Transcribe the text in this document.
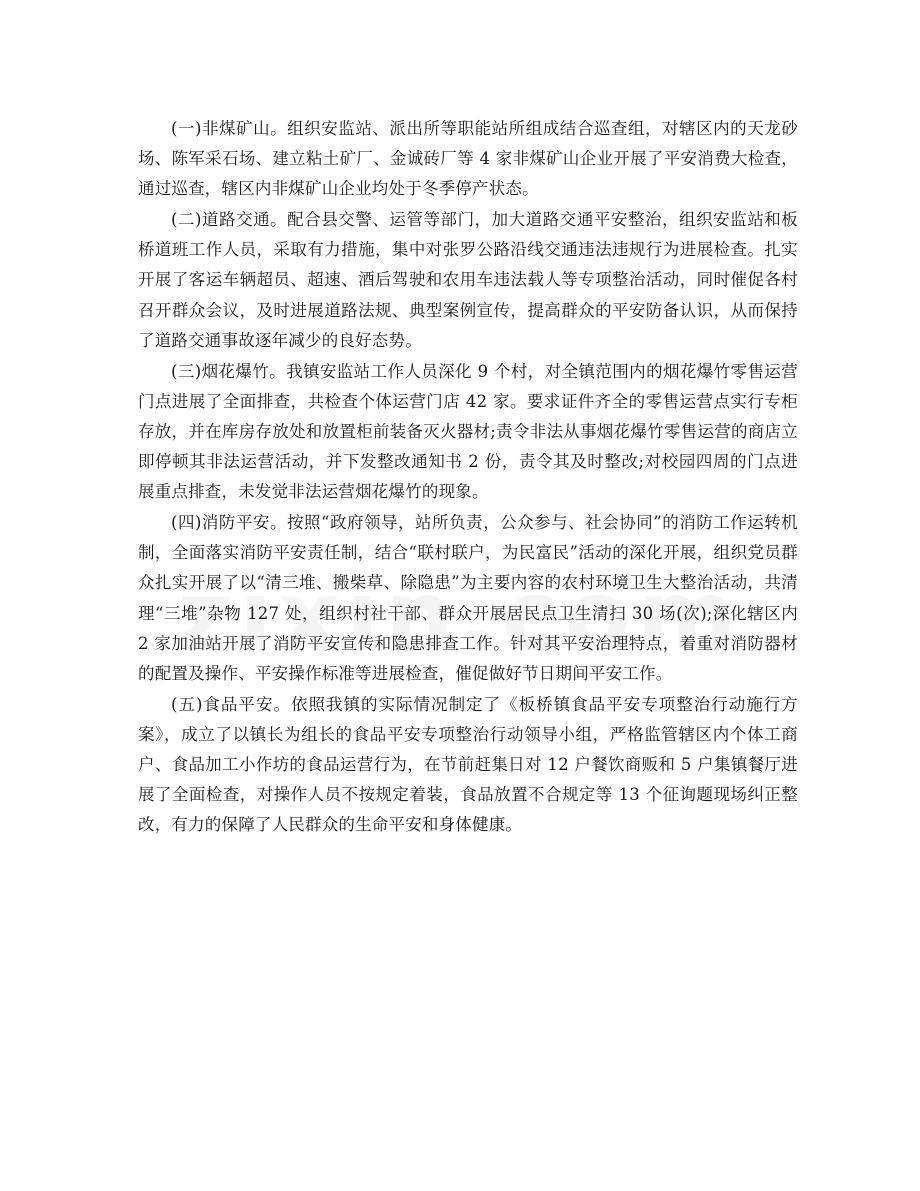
(一)非煤矿山。组织安监站、派出所等职能站所组成结合巡查组，对辖区内的天龙砂场、陈军采石场、建立粘土矿厂、金诚砖厂等 4 家非煤矿山企业开展了平安消费大检查，通过巡查，辖区内非煤矿山企业均处于冬季停产状态。

(二)道路交通。配合县交警、运管等部门，加大道路交通平安整治，组织安监站和板桥道班工作人员，采取有力措施，集中对张罗公路沿线交通违法违规行为进展检查。扎实开展了客运车辆超员、超速、酒后驾驶和农用车违法载人等专项整治活动，同时催促各村召开群众会议，及时进展道路法规、典型案例宣传，提高群众的平安防备认识，从而保持了道路交通事故逐年减少的良好态势。

(三)烟花爆竹。我镇安监站工作人员深化 9 个村，对全镇范围内的烟花爆竹零售运营门点进展了全面排查，共检查个体运营门店 42 家。要求证件齐全的零售运营点实行专柜存放，并在库房存放处和放置柜前装备灭火器材;责令非法从事烟花爆竹零售运营的商店立即停顿其非法运营活动，并下发整改通知书 2 份，责令其及时整改;对校园四周的门点进展重点排查，未发觉非法运营烟花爆竹的现象。

(四)消防平安。按照“政府领导，站所负责，公众参与、社会协同”的消防工作运转机制，全面落实消防平安责任制，结合“联村联户，为民富民”活动的深化开展，组织党员群众扎实开展了以“清三堆、搬柴草、除隐患”为主要内容的农村环境卫生大整治活动，共清理“三堆”杂物 127 处，组织村社干部、群众开展居民点卫生清扫 30 场(次);深化辖区内 2 家加油站开展了消防平安宣传和隐患排查工作。针对其平安治理特点，着重对消防器材的配置及操作、平安操作标准等进展检查，催促做好节日期间平安工作。

(五)食品平安。依照我镇的实际情况制定了《板桥镇食品平安专项整治行动施行方案》，成立了以镇长为组长的食品平安专项整治行动领导小组，严格监管辖区内个体工商户、食品加工小作坊的食品运营行为，在节前赶集日对 12 户餐饮商贩和 5 户集镇餐厅进展了全面检查，对操作人员不按规定着装，食品放置不合规定等 13 个征询题现场纠正整改，有力的保障了人民群众的生命平安和身体健康。
